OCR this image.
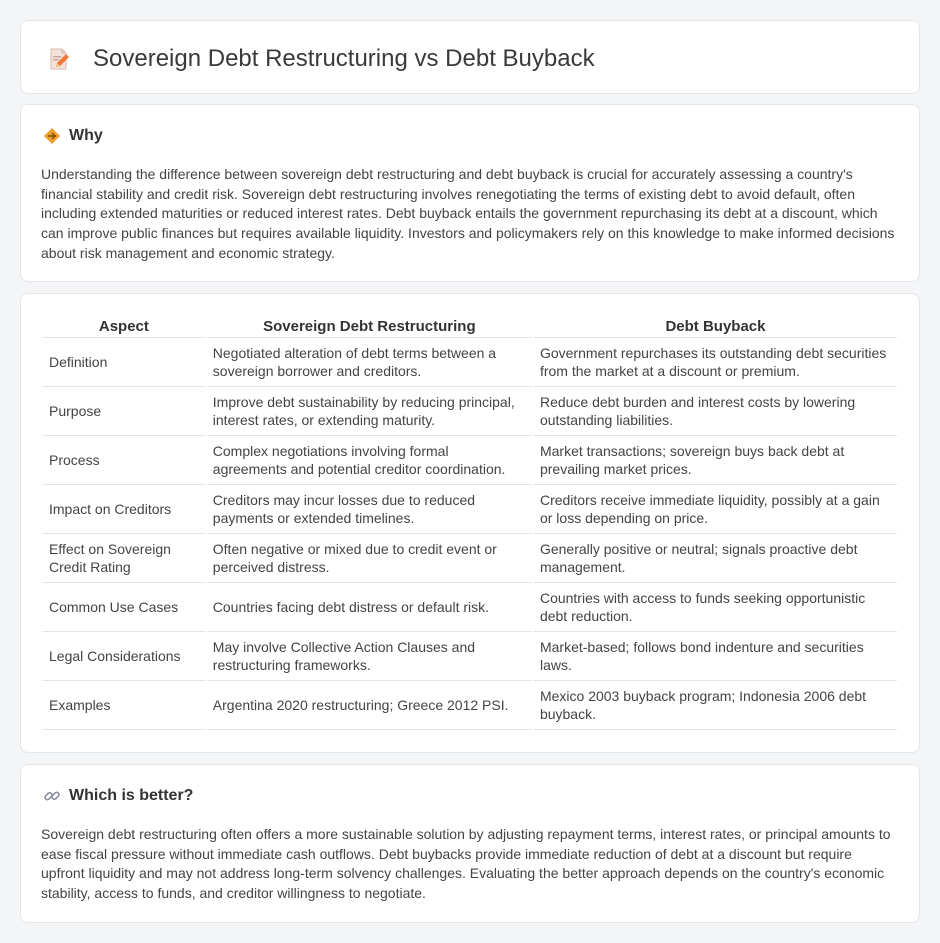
Sovereign Debt Restructuring vs Debt Buyback
Why

Understanding the difference between sovereign debt restructuring and debt buyback is crucial for accurately assessing a country's financial stability and credit risk. Sovereign debt restructuring involves renegotiating the terms of existing debt to avoid default, often including extended maturities or reduced interest rates. Debt buyback entails the government repurchasing its debt at a discount, which can improve public finances but requires available liquidity. Investors and policymakers rely on this knowledge to make informed decisions about risk management and economic strategy.

Aspect	Sovereign Debt Restructuring	Debt Buyback
Definition	Negotiated alteration of debt terms between a sovereign borrower and creditors.	Government repurchases its outstanding debt securities from the market at a discount or premium.
Purpose	Improve debt sustainability by reducing principal, interest rates, or extending maturity.	Reduce debt burden and interest costs by lowering outstanding liabilities.
Process	Complex negotiations involving formal agreements and potential creditor coordination.	Market transactions; sovereign buys back debt at prevailing market prices.
Impact on Creditors	Creditors may incur losses due to reduced payments or extended timelines.	Creditors receive immediate liquidity, possibly at a gain or loss depending on price.
Effect on Sovereign Credit Rating	Often negative or mixed due to credit event or perceived distress.	Generally positive or neutral; signals proactive debt management.
Common Use Cases	Countries facing debt distress or default risk.	Countries with access to funds seeking opportunistic debt reduction.
Legal Considerations	May involve Collective Action Clauses and restructuring frameworks.	Market-based; follows bond indenture and securities laws.
Examples	Argentina 2020 restructuring; Greece 2012 PSI.	Mexico 2003 buyback program; Indonesia 2006 debt buyback.
Which is better?

Sovereign debt restructuring often offers a more sustainable solution by adjusting repayment terms, interest rates, or principal amounts to ease fiscal pressure without immediate cash outflows. Debt buybacks provide immediate reduction of debt at a discount but require upfront liquidity and may not address long-term solvency challenges. Evaluating the better approach depends on the country's economic stability, access to funds, and creditor willingness to negotiate.
